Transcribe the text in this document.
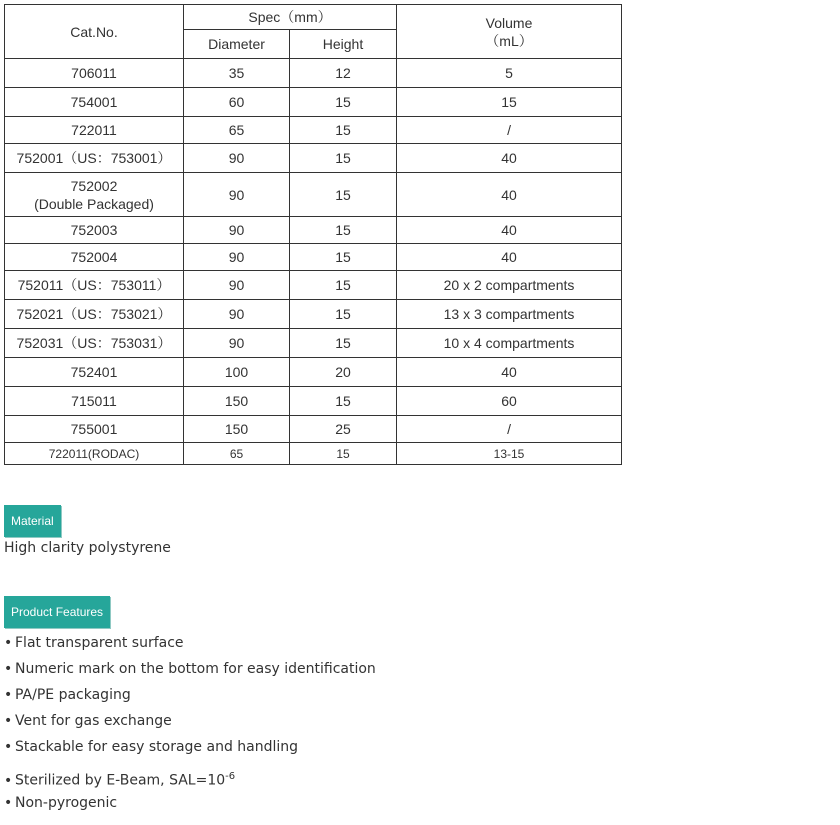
Cat.No.	Spec（mm）		Volume
（mL）

	Diameter	Height	
706011	35	12	5
754001	60	15	15
722011	65	15	/
752001（US：753001）	90	15	40

752002
(Double Packaged)	90	15	40
752003	90	15	40
752004	90	15	40
752011（US：753011）	90	15	20 x 2 compartments
752021（US：753021）	90	15	13 x 3 compartments
752031（US：753031）	90	15	10 x 4 compartments
752401	100	20	40
715011	150	15	60
755001	150	25	/
722011(RODAC)	65	15	13-15
Material
High clarity polystyrene
Product Features
• Flat transparent surface
• Numeric mark on the bottom for easy identification
• PA/PE packaging
• Vent for gas exchange
• Stackable for easy storage and handling
• Sterilized by E-Beam, $SAL=10^{-6}$
• Non-pyrogenic
